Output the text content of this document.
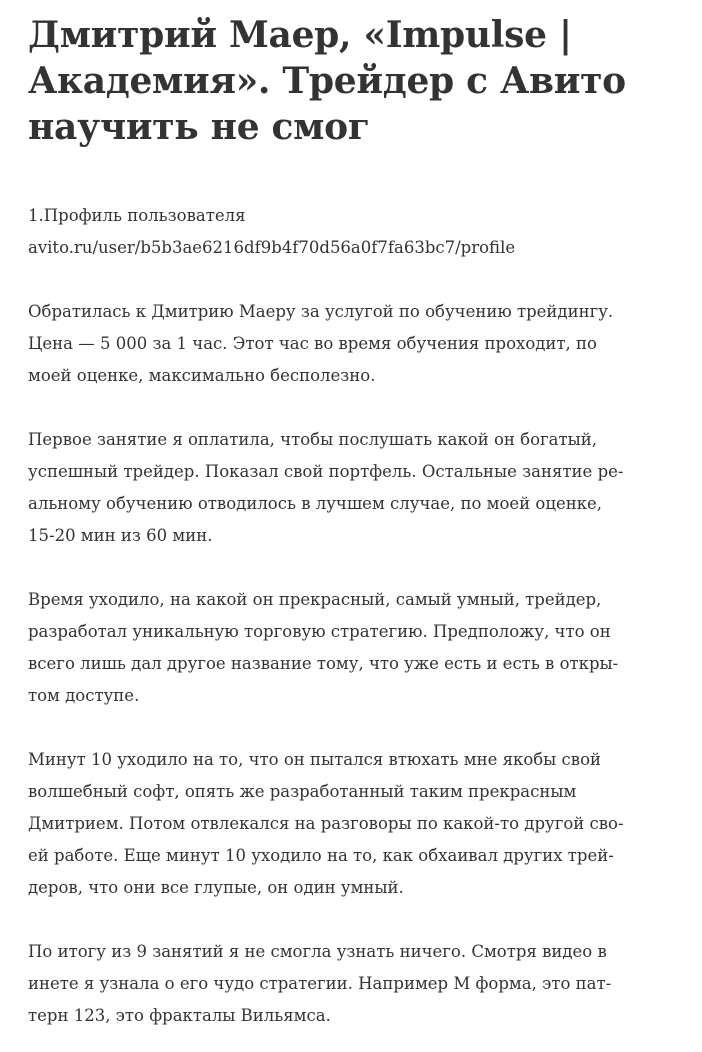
Дмитрий Маер, «Impulse |
Академия». Трейдер с Авито
научить не смог
1.Профиль пользователя
avito.ru/user/b5b3ae6216df9b4f70d56a0f7fa63bc7/profile
Обратилась к Дмитрию Маеру за услугой по обучению трейдингу.
Цена — 5 000 за 1 час. Этот час во время обучения проходит, по
моей оценке, максимально бесполезно.
Первое занятие я оплатила, чтобы послушать какой он богатый,
успешный трейдер. Показал свой портфель. Остальные занятие ре-
альному обучению отводилось в лучшем случае, по моей оценке,
15-20 мин из 60 мин.
Время уходило, на какой он прекрасный, самый умный, трейдер,
разработал уникальную торговую стратегию. Предположу, что он
всего лишь дал другое название тому, что уже есть и есть в откры-
том доступе.
Минут 10 уходило на то, что он пытался втюхать мне якобы свой
волшебный софт, опять же разработанный таким прекрасным
Дмитрием. Потом отвлекался на разговоры по какой-то другой сво-
ей работе. Еще минут 10 уходило на то, как обхаивал других трей-
деров, что они все глупые, он один умный.
По итогу из 9 занятий я не смогла узнать ничего. Смотря видео в
инете я узнала о его чудо стратегии. Например М форма, это пат-
терн 123, это фракталы Вильямса.
